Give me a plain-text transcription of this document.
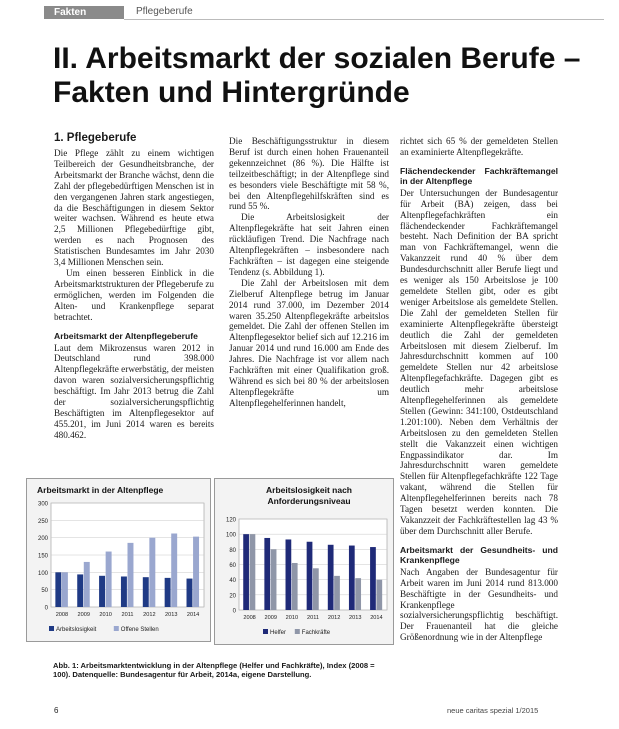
Fakten	Pflegeberufe
II. Arbeitsmarkt der sozialen Berufe – Fakten und Hintergründe
1. Pflegeberufe

Die Pflege zählt zu einem wichtigen Teilbereich der Gesundheitsbranche, der Arbeitsmarkt der Branche wächst, denn die Zahl der pflegebedürftigen Menschen ist in den vergangenen Jahren stark angestiegen, da die Beschäftigungen in diesem Sektor weiter wachsen. Während es heute etwa 2,5 Millionen Pflegebedürftige gibt, werden es nach Prognosen des Statistischen Bundesamtes im Jahr 2030 3,4 Millionen Menschen sein.

Um einen besseren Einblick in die Arbeitsmarktstrukturen der Pflegeberufe zu ermöglichen, werden im Folgenden die Alten- und Krankenpflege separat betrachtet.

Arbeitsmarkt der Altenpflegeberufe

Laut dem Mikrozensus waren 2012 in Deutschland rund 398.000 Altenpflegekräfte erwerbstätig, der meisten davon waren sozialversicherungspflichtig beschäftigt. Im Jahr 2013 betrug die Zahl der sozialversicherungspflichtig Beschäftigten im Altenpflegesektor auf 455.201, im Juni 2014 waren es bereits 480.462.

Die Beschäftigungsstruktur in diesem Beruf ist durch einen hohen Frauenanteil gekennzeichnet (86 %). Die Hälfte ist teilzeitbeschäftigt; in der Altenpflege sind es besonders viele Beschäftigte mit 58 %, bei den Altenpflegehilfskräften sind es rund 55 %.

Die Arbeitslosigkeit der Altenpflegekräfte hat seit Jahren einen rückläufigen Trend. Die Nachfrage nach Altenpflegekräften – insbesondere nach Fachkräften – ist dagegen eine steigende Tendenz (s. Abbildung 1).

Die Zahl der Arbeitslosen mit dem Zielberuf Altenpflege betrug im Januar 2014 rund 37.000, im Dezember 2014 waren 35.250 Altenpflegekräfte arbeitslos gemeldet. Die Zahl der offenen Stellen im Altenpflegesektor belief sich auf 12.216 im Januar 2014 und rund 16.000 am Ende des Jahres. Die Nachfrage ist vor allem nach Fachkräften mit einer Qualifikation groß. Während es sich bei 80 % der arbeitslosen Altenpflegekräfte um Altenpflegehelferinnen handelt,

richtet sich 65 % der gemeldeten Stellen an examinierte Altenpflegekräfte.

Flächendeckender Fachkräftemangel in der Altenpflege

Der Untersuchungen der Bundesagentur für Arbeit (BA) zeigen, dass bei Altenpflegefachkräften ein flächendeckender Fachkräftemangel besteht. Nach Definition der BA spricht man von Fachkräftemangel, wenn die Vakanzzeit rund 40 % über dem Bundesdurchschnitt aller Berufe liegt und es weniger als 150 Arbeitslose je 100 gemeldete Stellen gibt, oder es gibt weniger Arbeitslose als gemeldete Stellen. Die Zahl der gemeldeten Stellen für examinierte Altenpflegekräfte übersteigt deutlich die Zahl der gemeldeten Arbeitslosen mit diesem Zielberuf. Im Jahresdurchschnitt kommen auf 100 gemeldete Stellen nur 42 arbeitslose Altenpflegefachkräfte. Dagegen gibt es deutlich mehr arbeitslose Altenpflegehelferinnen als gemeldete Stellen (Gewinn: 341:100, Ostdeutschland 1.201:100). Neben dem Verhältnis der Arbeitslosen zu den gemeldeten Stellen stellt die Vakanzzeit einen wichtigen Engpassindikator dar. Im Jahresdurchschnitt waren gemeldete Stellen für Altenpflegefachkräfte 122 Tage vakant, während die Stellen für Altenpflegehelferinnen bereits nach 78 Tagen besetzt werden konnten. Die Vakanzzeit der Fachkräftestellen lag 43 % über dem Durchschnitt aller Berufe.

Arbeitsmarkt der Gesundheits- und Krankenpflege

Nach Angaben der Bundesagentur für Arbeit waren im Juni 2014 rund 813.000 Beschäftigte in der Gesundheits- und Krankenpflege sozialversicherungspflichtig beschäftigt. Der Frauenanteil hat die gleiche Größenordnung wie in der Altenpflege

Arbeitsmarkt in der Altenpflege
0
50
100
150
200
250
300
2008 2009 2010 2011 2012 2013 2014
Arbeitslosigkeit	Offene Stellen
Arbeitslosigkeit nach
Anforderungsniveau
0
20
40
60
80
100
120
2008 2009 2010 2011 2012 2013 2014
Helfer	Fachkräfte
Abb. 1: Arbeitsmarktentwicklung in der Altenpflege (Helfer und Fachkräfte), Index (2008 = 100). Datenquelle: Bundesagentur für Arbeit, 2014a, eigene Darstellung.
6	neue caritas spezial 1/2015
